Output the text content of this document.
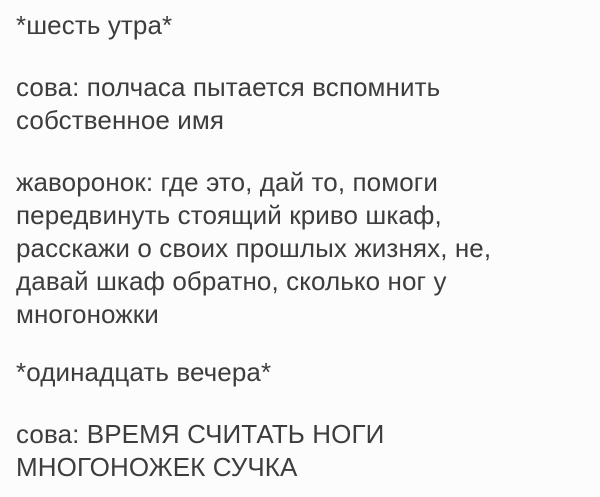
*шесть утра*
сова: полчаса пытается вспомнить
собственное имя
жаворонок: где это, дай то, помоги
передвинуть стоящий криво шкаф,
расскажи о своих прошлых жизнях, не,
давай шкаф обратно, сколько ног у
многоножки
*одинадцать вечера*
сова: ВРЕМЯ СЧИТАТЬ НОГИ
МНОГОНОЖЕК СУЧКА
